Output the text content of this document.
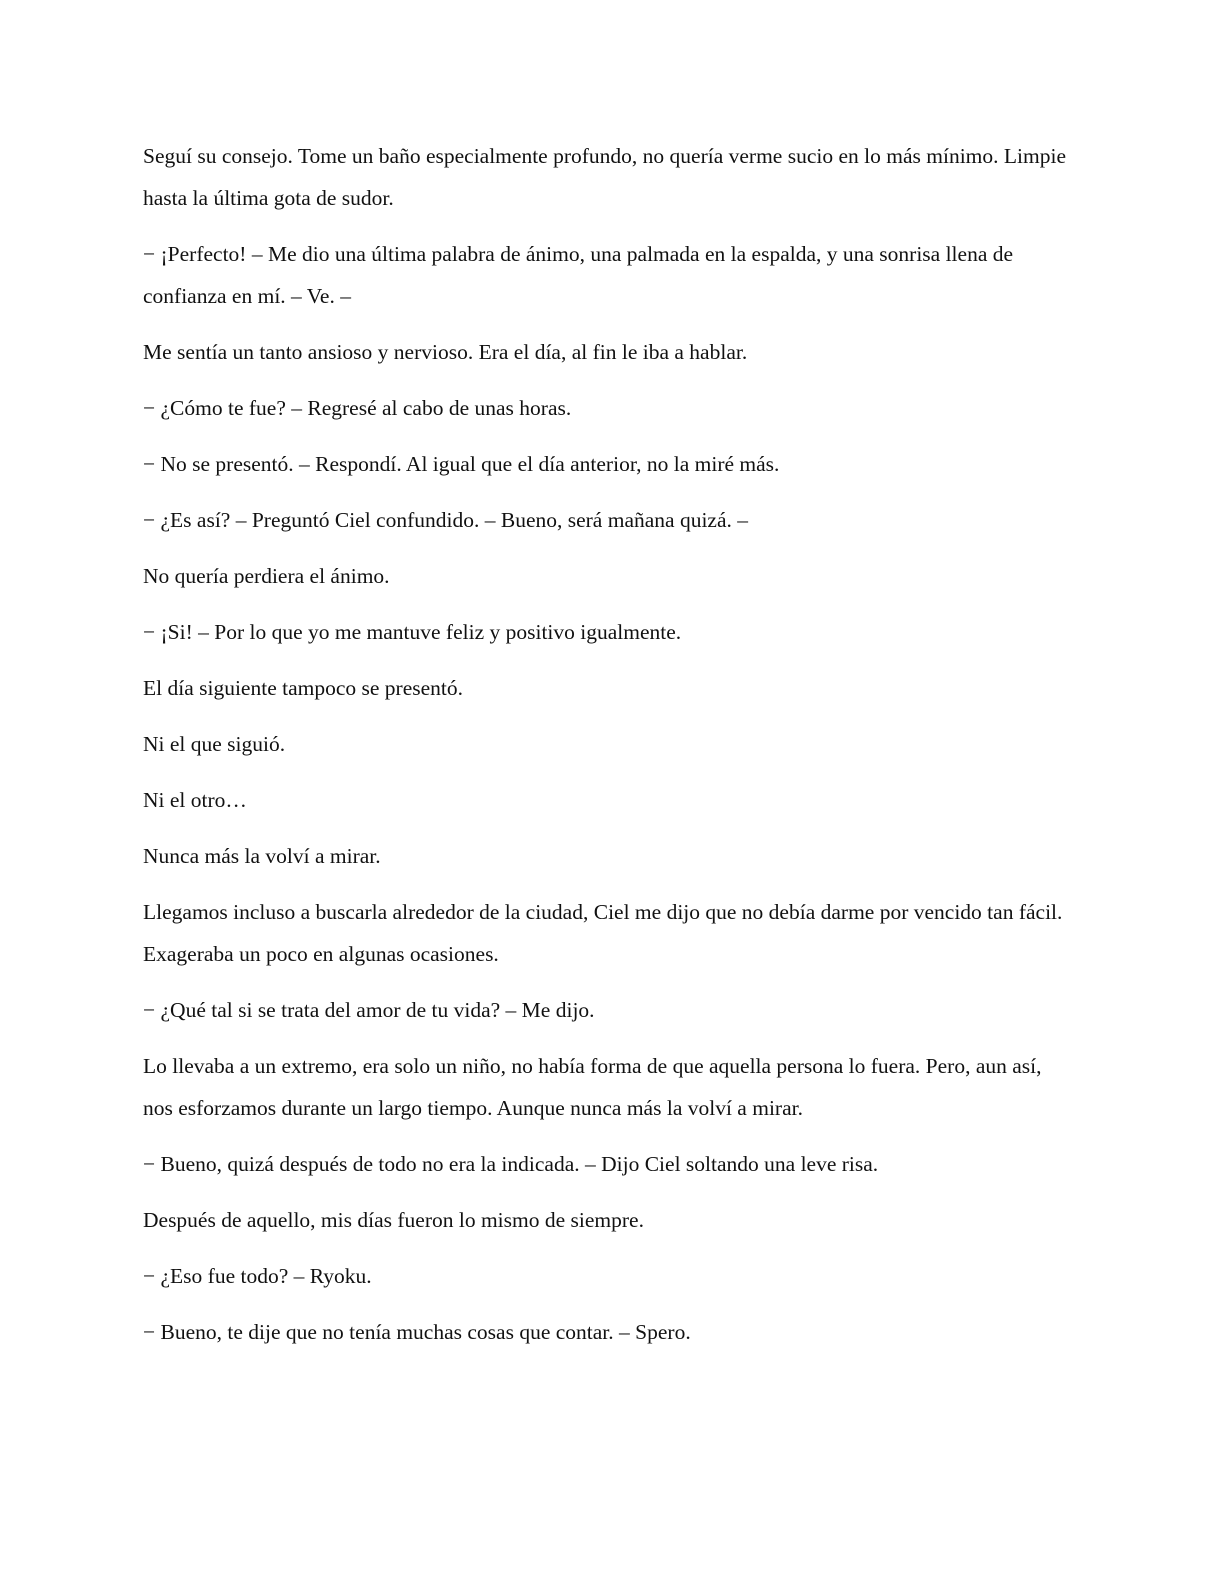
Seguí su consejo. Tome un baño especialmente profundo, no quería verme sucio en lo más mínimo. Limpie hasta la última gota de sudor.

− ¡Perfecto! – Me dio una última palabra de ánimo, una palmada en la espalda, y una sonrisa llena de confianza en mí. – Ve. –

Me sentía un tanto ansioso y nervioso. Era el día, al fin le iba a hablar.

− ¿Cómo te fue? – Regresé al cabo de unas horas.

− No se presentó. – Respondí. Al igual que el día anterior, no la miré más.

− ¿Es así? – Preguntó Ciel confundido. – Bueno, será mañana quizá. –

No quería perdiera el ánimo.

− ¡Si! – Por lo que yo me mantuve feliz y positivo igualmente.

El día siguiente tampoco se presentó.

Ni el que siguió.

Ni el otro…

Nunca más la volví a mirar.

Llegamos incluso a buscarla alrededor de la ciudad, Ciel me dijo que no debía darme por vencido tan fácil. Exageraba un poco en algunas ocasiones.

− ¿Qué tal si se trata del amor de tu vida? – Me dijo.

Lo llevaba a un extremo, era solo un niño, no había forma de que aquella persona lo fuera. Pero, aun así, nos esforzamos durante un largo tiempo. Aunque nunca más la volví a mirar.

− Bueno, quizá después de todo no era la indicada. – Dijo Ciel soltando una leve risa.

Después de aquello, mis días fueron lo mismo de siempre.

− ¿Eso fue todo? – Ryoku.

− Bueno, te dije que no tenía muchas cosas que contar. – Spero.
